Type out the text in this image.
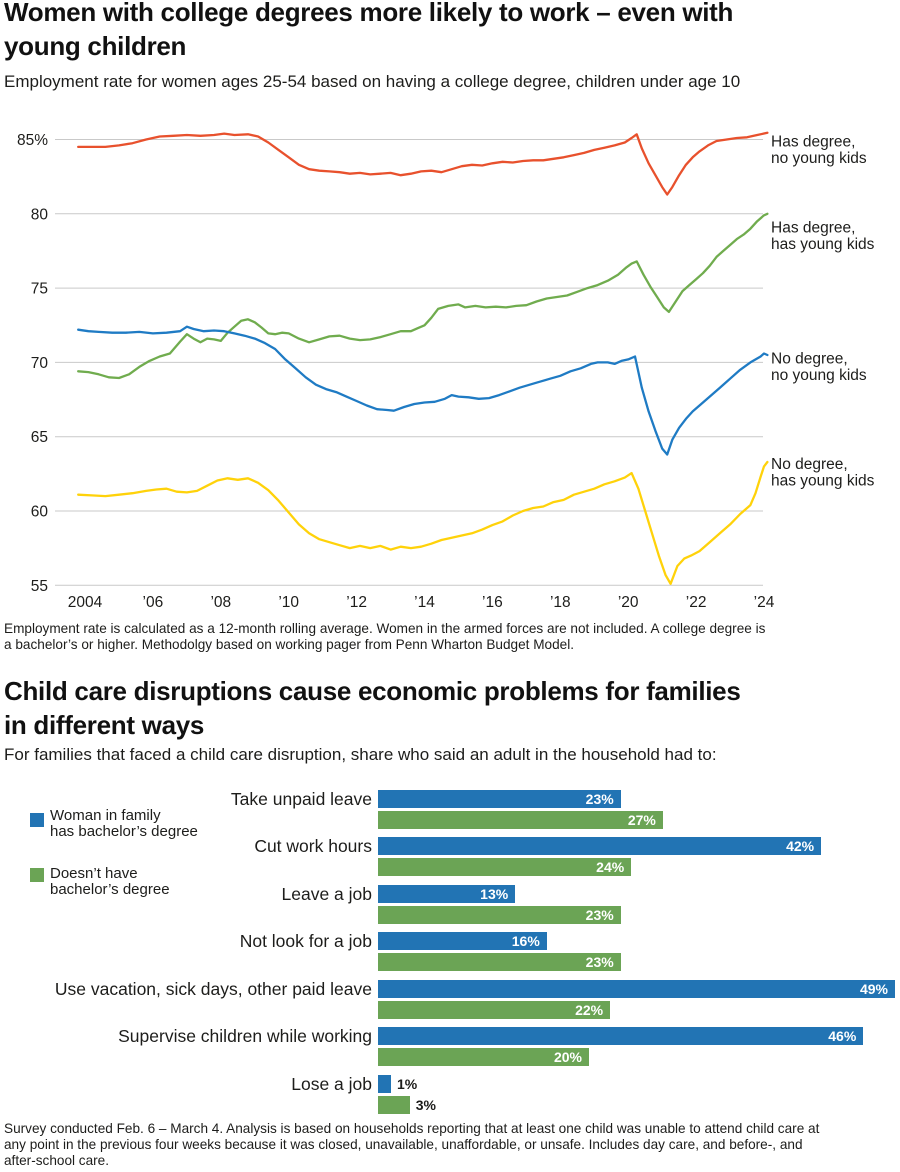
Women with college degrees more likely to work – even with
young children
Employment rate for women ages 25-54 based on having a college degree, children under age 10
85%
80
75
70
65
60
55
2004	’06	’08	’10	’12	’14	’16	’18	’20	’22	’24
Has degree, no young kids
Has degree, has young kids
No degree, no young kids
No degree, has young kids
Employment rate is calculated as a 12-month rolling average. Women in the armed forces are not included. A college degree is
a bachelor’s or higher. Methodolgy based on working pager from Penn Wharton Budget Model.
Child care disruptions cause economic problems for families
in different ways
For families that faced a child care disruption, share who said an adult in the household had to:
Woman in family
has bachelor’s degree
Doesn’t have
bachelor’s degree
Take unpaid leave	23%
27%
Cut work hours	42%
24%
Leave a job	13%
23%
Not look for a job	16%
23%
Use vacation, sick days, other paid leave	49%
22%
Supervise children while working	46%
20%
Lose a job 1%
3%
Survey conducted Feb. 6 – March 4. Analysis is based on households reporting that at least one child was unable to attend child care at
any point in the previous four weeks because it was closed, unavailable, unaffordable, or unsafe. Includes day care, and before-, and
after-school care.
